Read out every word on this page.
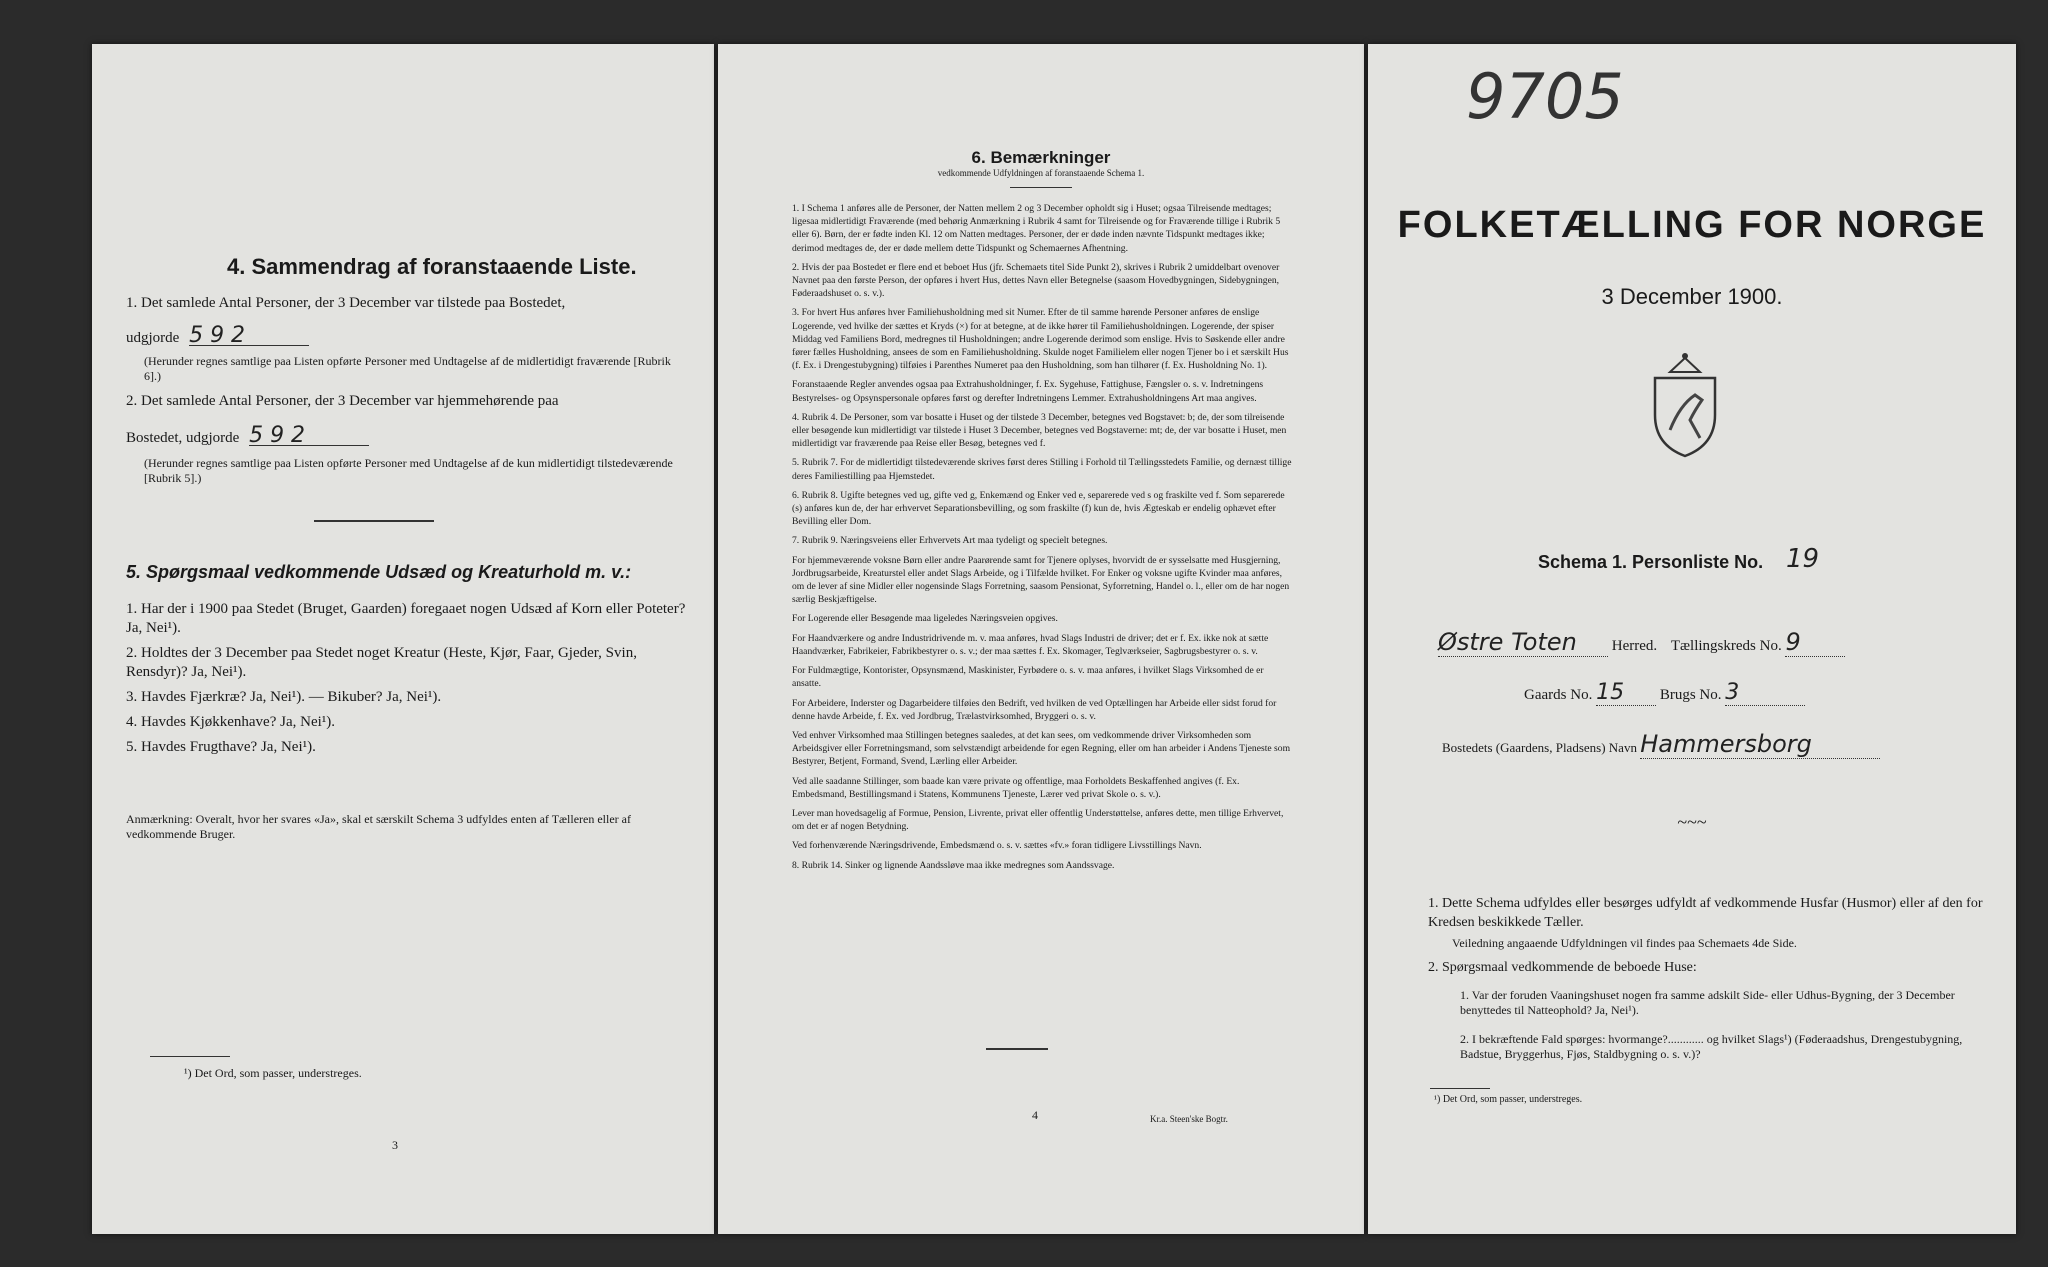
4. Sammendrag af foranstaaende Liste.
1. Det samlede Antal Personer, der 3 December var tilstede paa Bostedet,
udgjorde 5 9 2
(Herunder regnes samtlige paa Listen opførte Personer med Undtagelse af de midlertidigt fraværende [Rubrik 6].)
2. Det samlede Antal Personer, der 3 December var hjemmehørende paa
Bostedet, udgjorde 5 9 2
(Herunder regnes samtlige paa Listen opførte Personer med Undtagelse af de kun midlertidigt tilstedeværende [Rubrik 5].)
5. Spørgsmaal vedkommende Udsæd og Kreaturhold m. v.:
1. Har der i 1900 paa Stedet (Bruget, Gaarden) foregaaet nogen Udsæd af Korn eller Poteter? Ja, Nei¹).
2. Holdtes der 3 December paa Stedet noget Kreatur (Heste, Kjør, Faar, Gjeder, Svin, Rensdyr)? Ja, Nei¹).
3. Havdes Fjærkræ? Ja, Nei¹). — Bikuber? Ja, Nei¹).
4. Havdes Kjøkkenhave? Ja, Nei¹).
5. Havdes Frugthave? Ja, Nei¹).
Anmærkning: Overalt, hvor her svares «Ja», skal et særskilt Schema 3 udfyldes enten af Tælleren eller af vedkommende Bruger.
¹) Det Ord, som passer, understreges.
3
6. Bemærkninger
vedkommende Udfyldningen af foranstaaende Schema 1.
1. I Schema 1 anføres alle de Personer, der Natten mellem 2 og 3 December opholdt sig i Huset; ogsaa Tilreisende medtages; ligesaa midlertidigt Fraværende (med behørig Anmærkning i Rubrik 4 samt for Tilreisende og for Fraværende tillige i Rubrik 5 eller 6). Børn, der er fødte inden Kl. 12 om Natten medtages. Personer, der er døde inden nævnte Tidspunkt medtages ikke; derimod medtages de, der er døde mellem dette Tidspunkt og Schemaernes Afhentning.
2. Hvis der paa Bostedet er flere end et beboet Hus (jfr. Schemaets titel Side Punkt 2), skrives i Rubrik 2 umiddelbart ovenover Navnet paa den første Person, der opføres i hvert Hus, dettes Navn eller Betegnelse (saasom Hovedbygningen, Sidebygningen, Føderaadshuset o. s. v.).
3. For hvert Hus anføres hver Familiehusholdning med sit Numer. Efter de til samme hørende Personer anføres de enslige Logerende, ved hvilke der sættes et Kryds (×) for at betegne, at de ikke hører til Familiehusholdningen. Logerende, der spiser Middag ved Familiens Bord, medregnes til Husholdningen; andre Logerende derimod som enslige. Hvis to Søskende eller andre fører fælles Husholdning, ansees de som en Familiehusholdning. Skulde noget Familielem eller nogen Tjener bo i et særskilt Hus (f. Ex. i Drengestubygning) tilføies i Parenthes Numeret paa den Husholdning, som han tilhører (f. Ex. Husholdning No. 1).
Foranstaaende Regler anvendes ogsaa paa Extrahusholdninger, f. Ex. Sygehuse, Fattighuse, Fængsler o. s. v. Indretningens Bestyrelses- og Opsynspersonale opføres først og derefter Indretningens Lemmer. Extrahusholdningens Art maa angives.
4. Rubrik 4. De Personer, som var bosatte i Huset og der tilstede 3 December, betegnes ved Bogstavet: b; de, der som tilreisende eller besøgende kun midlertidigt var tilstede i Huset 3 December, betegnes ved Bogstaverne: mt; de, der var bosatte i Huset, men midlertidigt var fraværende paa Reise eller Besøg, betegnes ved f.
5. Rubrik 7. For de midlertidigt tilstedeværende skrives først deres Stilling i Forhold til Tællingsstedets Familie, og dernæst tillige deres Familiestilling paa Hjemstedet.
6. Rubrik 8. Ugifte betegnes ved ug, gifte ved g, Enkemænd og Enker ved e, separerede ved s og fraskilte ved f. Som separerede (s) anføres kun de, der har erhvervet Separationsbevilling, og som fraskilte (f) kun de, hvis Ægteskab er endelig ophævet efter Bevilling eller Dom.
7. Rubrik 9. Næringsveiens eller Erhvervets Art maa tydeligt og specielt betegnes.
For hjemmeværende voksne Børn eller andre Paarørende samt for Tjenere oplyses, hvorvidt de er sysselsatte med Husgjerning, Jordbrugsarbeide, Kreaturstel eller andet Slags Arbeide, og i Tilfælde hvilket. For Enker og voksne ugifte Kvinder maa anføres, om de lever af sine Midler eller nogensinde Slags Forretning, saasom Pensionat, Syforretning, Handel o. l., eller om de har nogen særlig Beskjæftigelse.
For Logerende eller Besøgende maa ligeledes Næringsveien opgives.
For Haandværkere og andre Industridrivende m. v. maa anføres, hvad Slags Industri de driver; det er f. Ex. ikke nok at sætte Haandværker, Fabrikeier, Fabrikbestyrer o. s. v.; der maa sættes f. Ex. Skomager, Teglværkseier, Sagbrugsbestyrer o. s. v.
For Fuldmægtige, Kontorister, Opsynsmænd, Maskinister, Fyrbødere o. s. v. maa anføres, i hvilket Slags Virksomhed de er ansatte.
For Arbeidere, Inderster og Dagarbeidere tilføies den Bedrift, ved hvilken de ved Optællingen har Arbeide eller sidst forud for denne havde Arbeide, f. Ex. ved Jordbrug, Trælastvirksomhed, Bryggeri o. s. v.
Ved enhver Virksomhed maa Stillingen betegnes saaledes, at det kan sees, om vedkommende driver Virksomheden som Arbeidsgiver eller Forretningsmand, som selvstændigt arbeidende for egen Regning, eller om han arbeider i Andens Tjeneste som Bestyrer, Betjent, Formand, Svend, Lærling eller Arbeider.
Ved alle saadanne Stillinger, som baade kan være private og offentlige, maa Forholdets Beskaffenhed angives (f. Ex. Embedsmand, Bestillingsmand i Statens, Kommunens Tjeneste, Lærer ved privat Skole o. s. v.).
Lever man hovedsagelig af Formue, Pension, Livrente, privat eller offentlig Understøttelse, anføres dette, men tillige Erhvervet, om det er af nogen Betydning.
Ved forhenværende Næringsdrivende, Embedsmænd o. s. v. sættes «fv.» foran tidligere Livsstillings Navn.
8. Rubrik 14. Sinker og lignende Aandssløve maa ikke medregnes som Aandssvage.
4	Kr.a. Steen'ske Bogtr.
9705
FOLKETÆLLING FOR NORGE
3 December 1900.
Schema 1. Personliste No. 19
Østre Toten Herred. Tællingskreds No. 9
Gaards No. 15 Brugs No. 3
Bostedets (Gaardens, Pladsens) Navn Hammersborg
~~~
1. Dette Schema udfyldes eller besørges udfyldt af vedkommende Husfar (Husmor) eller af den for Kredsen beskikkede Tæller.
Veiledning angaaende Udfyldningen vil findes paa Schemaets 4de Side.
2. Spørgsmaal vedkommende de beboede Huse:
1. Var der foruden Vaaningshuset nogen fra samme adskilt Side- eller Udhus-Bygning, der 3 December benyttedes til Natteophold? Ja, Nei¹).
2. I bekræftende Fald spørges: hvormange?............ og hvilket Slags¹) (Føderaadshus, Drengestubygning, Badstue, Bryggerhus, Fjøs, Staldbygning o. s. v.)?
¹) Det Ord, som passer, understreges.
